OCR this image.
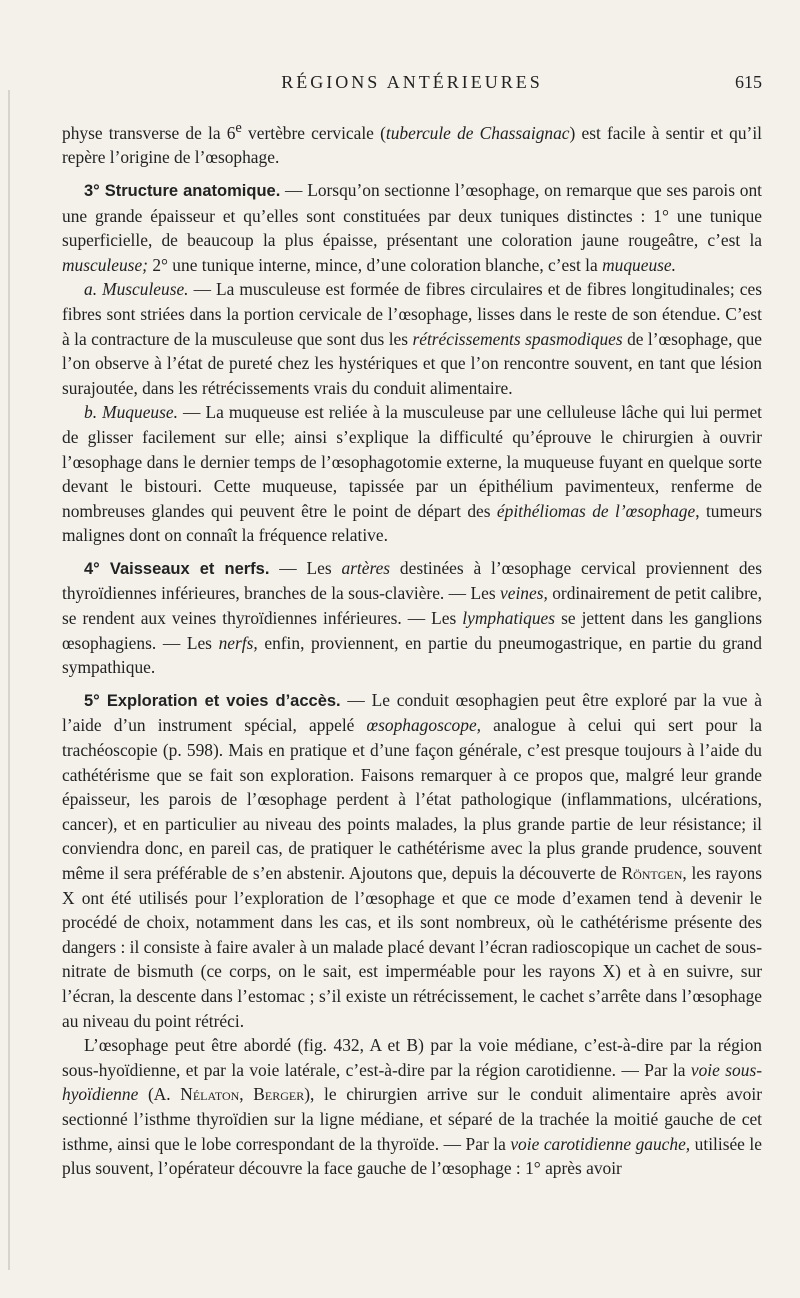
RÉGIONS ANTÉRIEURES	615

physe transverse de la 6e vertèbre cervicale (tubercule de Chassaignac) est facile à sentir et qu’il repère l’origine de l’œsophage.

3° Structure anatomique. — Lorsqu’on sectionne l’œsophage, on remarque que ses parois ont une grande épaisseur et qu’elles sont constituées par deux tuniques distinctes : 1° une tunique superficielle, de beaucoup la plus épaisse, présentant une coloration jaune rougeâtre, c’est la musculeuse; 2° une tunique interne, mince, d’une coloration blanche, c’est la muqueuse.

a. Musculeuse. — La musculeuse est formée de fibres circulaires et de fibres longitudinales; ces fibres sont striées dans la portion cervicale de l’œsophage, lisses dans le reste de son étendue. C’est à la contracture de la musculeuse que sont dus les rétrécissements spasmodiques de l’œsophage, que l’on observe à l’état de pureté chez les hystériques et que l’on rencontre souvent, en tant que lésion surajoutée, dans les rétrécissements vrais du conduit alimentaire.

b. Muqueuse. — La muqueuse est reliée à la musculeuse par une celluleuse lâche qui lui permet de glisser facilement sur elle; ainsi s’explique la difficulté qu’éprouve le chirurgien à ouvrir l’œsophage dans le dernier temps de l’œsophagotomie externe, la muqueuse fuyant en quelque sorte devant le bistouri. Cette muqueuse, tapissée par un épithélium pavimenteux, renferme de nombreuses glandes qui peuvent être le point de départ des épithéliomas de l’œsophage, tumeurs malignes dont on connaît la fréquence relative.

4° Vaisseaux et nerfs. — Les artères destinées à l’œsophage cervical proviennent des thyroïdiennes inférieures, branches de la sous-clavière. — Les veines, ordinairement de petit calibre, se rendent aux veines thyroïdiennes inférieures. — Les lymphatiques se jettent dans les ganglions œsophagiens. — Les nerfs, enfin, proviennent, en partie du pneumogastrique, en partie du grand sympathique.

5° Exploration et voies d’accès. — Le conduit œsophagien peut être exploré par la vue à l’aide d’un instrument spécial, appelé œsophagoscope, analogue à celui qui sert pour la trachéoscopie (p. 598). Mais en pratique et d’une façon générale, c’est presque toujours à l’aide du cathétérisme que se fait son exploration. Faisons remarquer à ce propos que, malgré leur grande épaisseur, les parois de l’œsophage perdent à l’état pathologique (inflammations, ulcérations, cancer), et en particulier au niveau des points malades, la plus grande partie de leur résistance; il conviendra donc, en pareil cas, de pratiquer le cathétérisme avec la plus grande prudence, souvent même il sera préférable de s’en abstenir. Ajoutons que, depuis la découverte de Röntgen, les rayons X ont été utilisés pour l’exploration de l’œsophage et que ce mode d’examen tend à devenir le procédé de choix, notamment dans les cas, et ils sont nombreux, où le cathétérisme présente des dangers : il consiste à faire avaler à un malade placé devant l’écran radioscopique un cachet de sous-nitrate de bismuth (ce corps, on le sait, est imperméable pour les rayons X) et à en suivre, sur l’écran, la descente dans l’estomac ; s’il existe un rétrécissement, le cachet s’arrête dans l’œsophage au niveau du point rétréci.

L’œsophage peut être abordé (fig. 432, A et B) par la voie médiane, c’est-à-dire par la région sous-hyoïdienne, et par la voie latérale, c’est-à-dire par la région carotidienne. — Par la voie sous-hyoïdienne (A. Nélaton, Berger), le chirurgien arrive sur le conduit alimentaire après avoir sectionné l’isthme thyroïdien sur la ligne médiane, et séparé de la trachée la moitié gauche de cet isthme, ainsi que le lobe correspondant de la thyroïde. — Par la voie carotidienne gauche, utilisée le plus souvent, l’opérateur découvre la face gauche de l’œsophage : 1° après avoir
